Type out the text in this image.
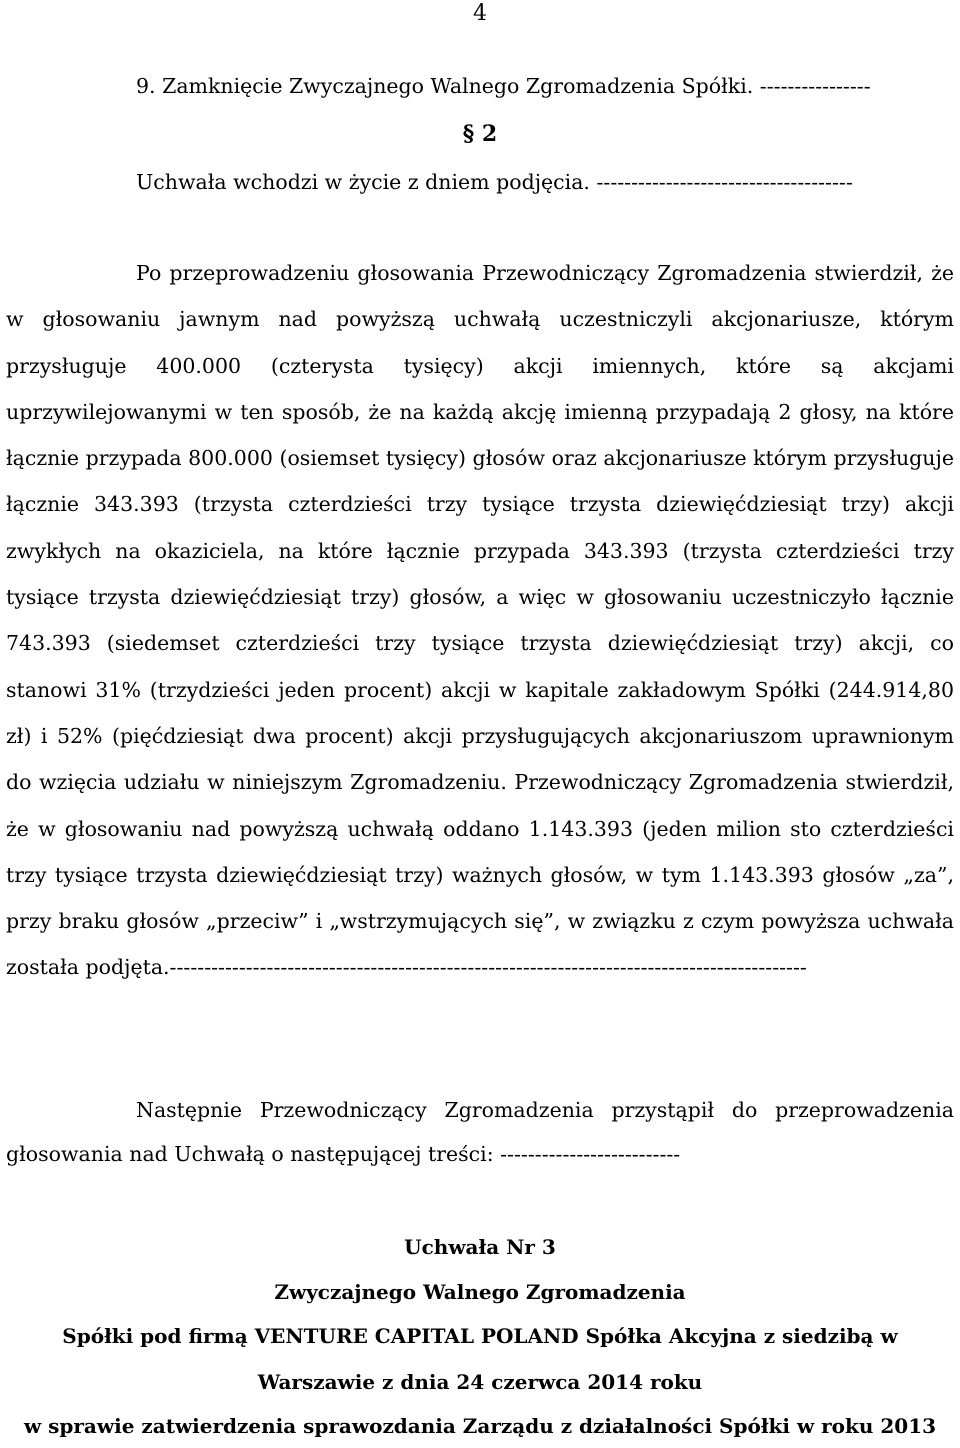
4

9. Zamknięcie Zwyczajnego Walnego Zgromadzenia Spółki. ----------------

§ 2

Uchwała wchodzi w życie z dniem podjęcia. -------------------------------------

Po przeprowadzeniu głosowania Przewodniczący Zgromadzenia stwierdził, że w głosowaniu jawnym nad powyższą uchwałą uczestniczyli akcjonariusze, którym przysługuje 400.000 (czterysta tysięcy) akcji imiennych, które są akcjami uprzywilejowanymi w ten sposób, że na każdą akcję imienną przypadają 2 głosy, na które łącznie przypada 800.000 (osiemset tysięcy) głosów oraz akcjonariusze którym przysługuje łącznie 343.393 (trzysta czterdzieści trzy tysiące trzysta dziewięćdziesiąt trzy) akcji zwykłych na okaziciela, na które łącznie przypada 343.393 (trzysta czterdzieści trzy tysiące trzysta dziewięćdziesiąt trzy) głosów, a więc w głosowaniu uczestniczyło łącznie 743.393 (siedemset czterdzieści trzy tysiące trzysta dziewięćdziesiąt trzy) akcji, co stanowi 31% (trzydzieści jeden procent) akcji w kapitale zakładowym Spółki (244.914,80 zł) i 52% (pięćdziesiąt dwa procent) akcji przysługujących akcjonariuszom uprawnionym do wzięcia udziału w niniejszym Zgromadzeniu. Przewodniczący Zgromadzenia stwierdził, że w głosowaniu nad powyższą uchwałą oddano 1.143.393 (jeden milion sto czterdzieści trzy tysiące trzysta dziewięćdziesiąt trzy) ważnych głosów, w tym 1.143.393 głosów „za”, przy braku głosów „przeciw” i „wstrzymujących się”, w związku z czym powyższa uchwała została podjęta.--------------------------------------------------------------------------------------------

Następnie Przewodniczący Zgromadzenia przystąpił do przeprowadzenia głosowania nad Uchwałą o następującej treści: --------------------------

Uchwała Nr 3
Zwyczajnego Walnego Zgromadzenia
Spółki pod firmą VENTURE CAPITAL POLAND Spółka Akcyjna z siedzibą w
Warszawie z dnia 24 czerwca 2014 roku
w sprawie zatwierdzenia sprawozdania Zarządu z działalności Spółki w roku 2013
